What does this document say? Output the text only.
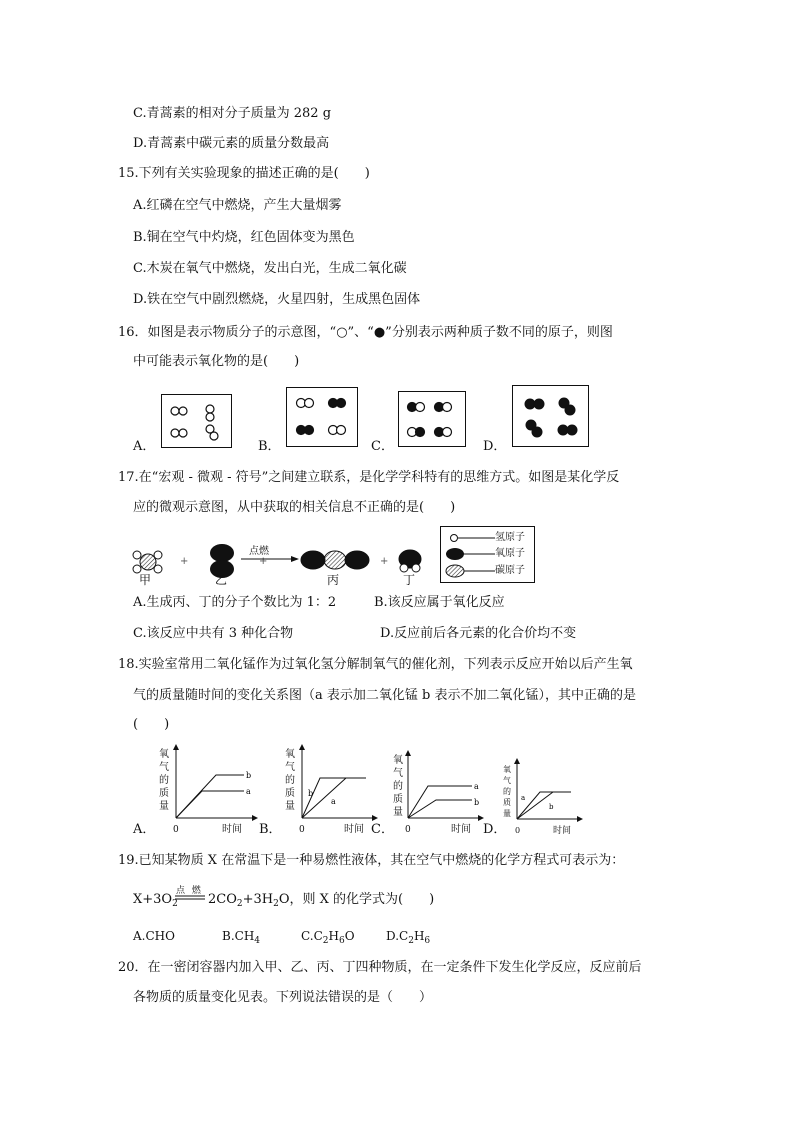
C.青蒿素的相对分子质量为 282 g
D.青蒿素中碳元素的质量分数最高
15.下列有关实验现象的描述正确的是(　　)
A.红磷在空气中燃烧，产生大量烟雾
B.铜在空气中灼烧，红色固体变为黑色
C.木炭在氧气中燃烧，发出白光，生成二氧化碳
D.铁在空气中剧烈燃烧，火星四射，生成黑色固体
16．如图是表示物质分子的示意图，“○”、“●”分别表示两种质子数不同的原子，则图
中可能表示氧化物的是(　　)
A．	B．	C．	D．
17.在“宏观 - 微观 - 符号”之间建立联系，是化学学科特有的思维方式。如图是某化学反
应的微观示意图，从中获取的相关信息不正确的是(　　)
+	+	+
点燃
甲	乙	丙	丁
氢原子
氧原子
碳原子
A.生成丙、丁的分子个数比为 1：2	B.该反应属于氧化反应
C.该反应中共有 3 种化合物	D.反应前后各元素的化合价均不变
18.实验室常用二氧化锰作为过氧化氢分解制氧气的催化剂，下列表示反应开始以后产生氧
气的质量随时间的变化关系图（a 表示加二氧化锰 b 表示不加二氧化锰），其中正确的是
(　　)
A．
b
a
氧气的质量
0	时间 B．
b
a
氧气的质量
0	时间 C．
a
b
氧气的质量
0	时间 D．
a
b
氧气的质量
0	时间
19.已知某物质 X 在常温下是一种易燃性液体，其在空气中燃烧的化学方程式可表示为：
$X+3O_2$
点 燃
$2CO_2+3H_2O$，则 X 的化学式为(　　)
A.CHO	$B.CH_4$	$C.C_2H_6O$	$D.C_2H_6$
20．在一密闭容器内加入甲、乙、丙、丁四种物质，在一定条件下发生化学反应，反应前后
各物质的质量变化见表。下列说法错误的是（　　）
